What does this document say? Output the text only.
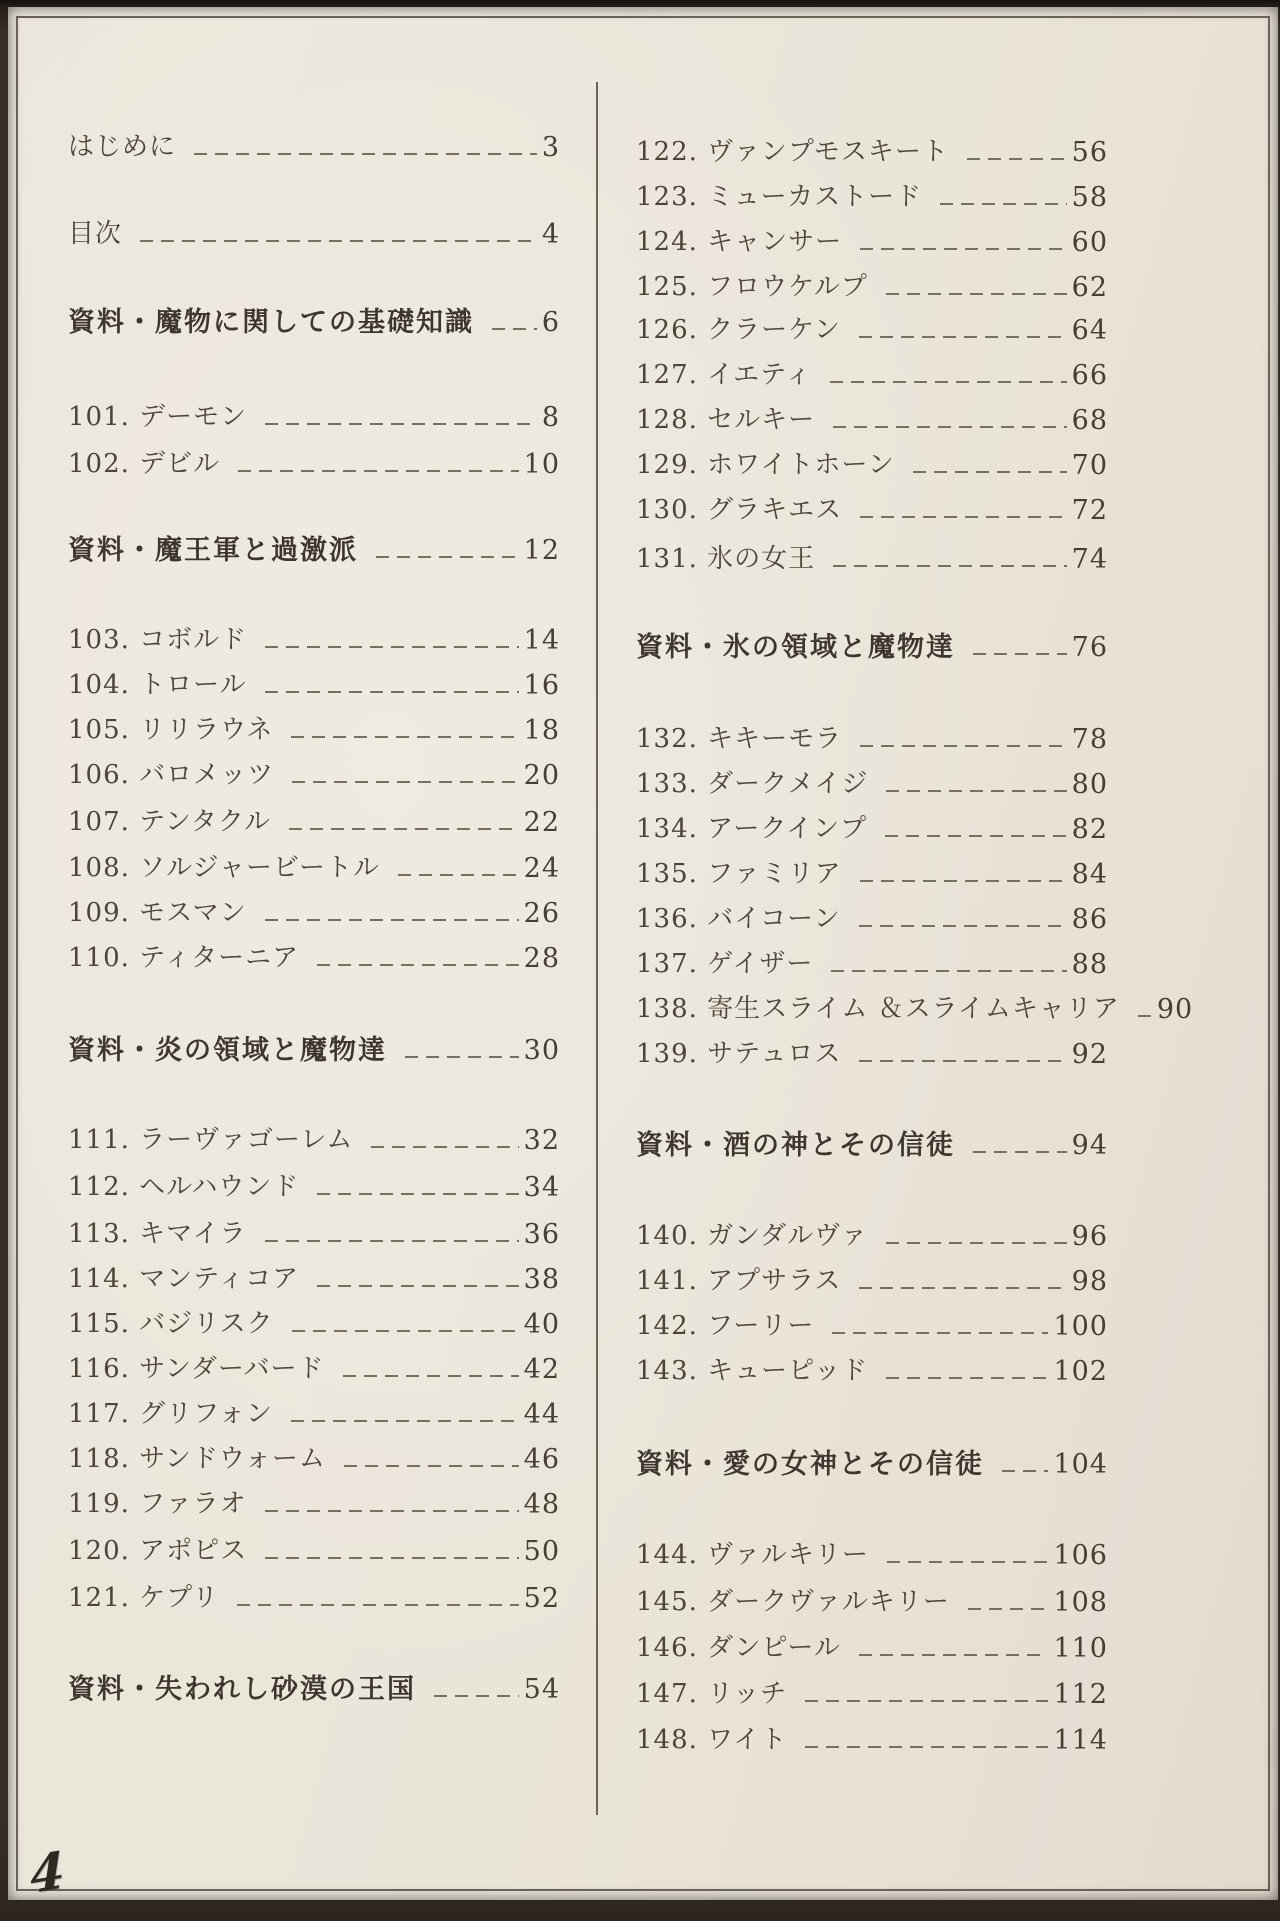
はじめに	3
目次	4
資料・魔物に関しての基礎知識	6
101. デーモン	8
102. デビル	10
資料・魔王軍と過激派	12
103. コボルド	14
104. トロール	16
105. リリラウネ	18
106. バロメッツ	20
107. テンタクル	22
108. ソルジャービートル	24
109. モスマン	26
110. ティターニア	28
資料・炎の領域と魔物達	30
111. ラーヴァゴーレム	32
112. ヘルハウンド	34
113. キマイラ	36
114. マンティコア	38
115. バジリスク	40
116. サンダーバード	42
117. グリフォン	44
118. サンドウォーム	46
119. ファラオ	48
120. アポピス	50
121. ケプリ	52
資料・失われし砂漠の王国	54
122. ヴァンプモスキート	56
123. ミューカストード	58
124. キャンサー	60
125. フロウケルプ	62
126. クラーケン	64
127. イエティ	66
128. セルキー	68
129. ホワイトホーン	70
130. グラキエス	72
131. 氷の女王	74
資料・氷の領域と魔物達	76
132. キキーモラ	78
133. ダークメイジ	80
134. アークインプ	82
135. ファミリア	84
136. バイコーン	86
137. ゲイザー	88
138. 寄生スライム ＆スライムキャリア 90
139. サテュロス	92
資料・酒の神とその信徒	94
140. ガンダルヴァ	96
141. アプサラス	98
142. フーリー	100
143. キューピッド	102
資料・愛の女神とその信徒	104
144. ヴァルキリー	106
145. ダークヴァルキリー	108
146. ダンピール	110
147. リッチ	112
148. ワイト	114
4
